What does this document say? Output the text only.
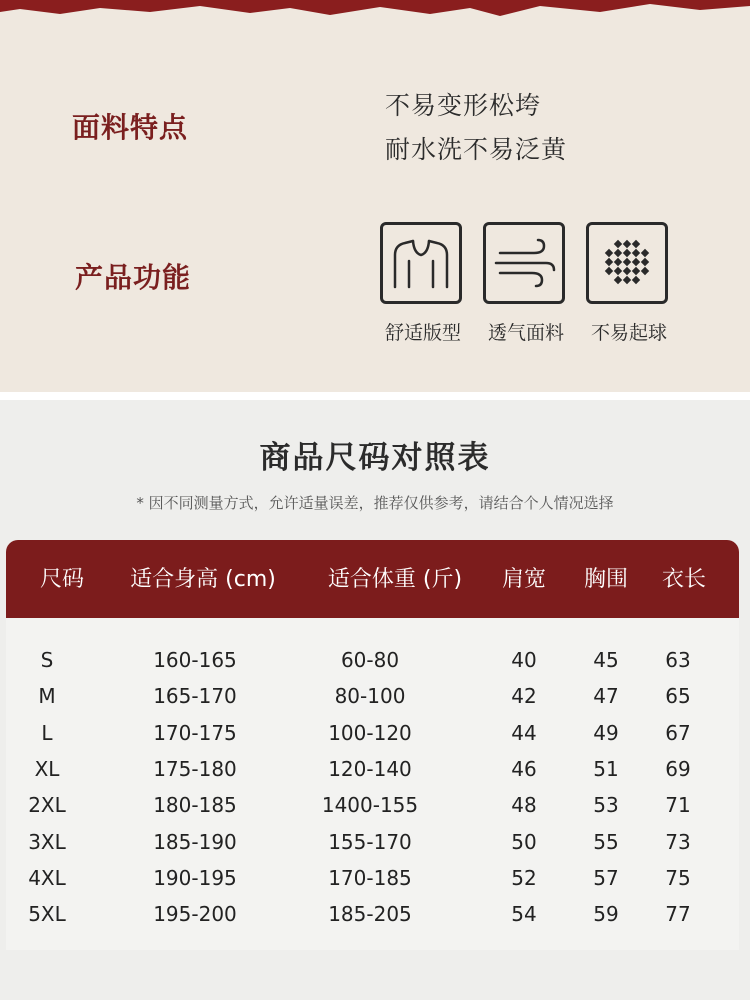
面料特点
不易变形松垮
耐水洗不易泛黄
产品功能
舒适版型	透气面料	不易起球
商品尺码对照表
* 因不同测量方式，允许适量误差，推荐仅供参考，请结合个人情况选择
尺码	适合身高 (cm)	适合体重 (斤)	肩宽	胸围	衣长
S	160-165	60-80	40	45	63
M	165-170	80-100	42	47	65
L	170-175	100-120	44	49	67
XL	175-180	120-140	46	51	69
2XL	180-185	1400-155	48	53	71
3XL	185-190	155-170	50	55	73
4XL	190-195	170-185	52	57	75
5XL	195-200	185-205	54	59	77
